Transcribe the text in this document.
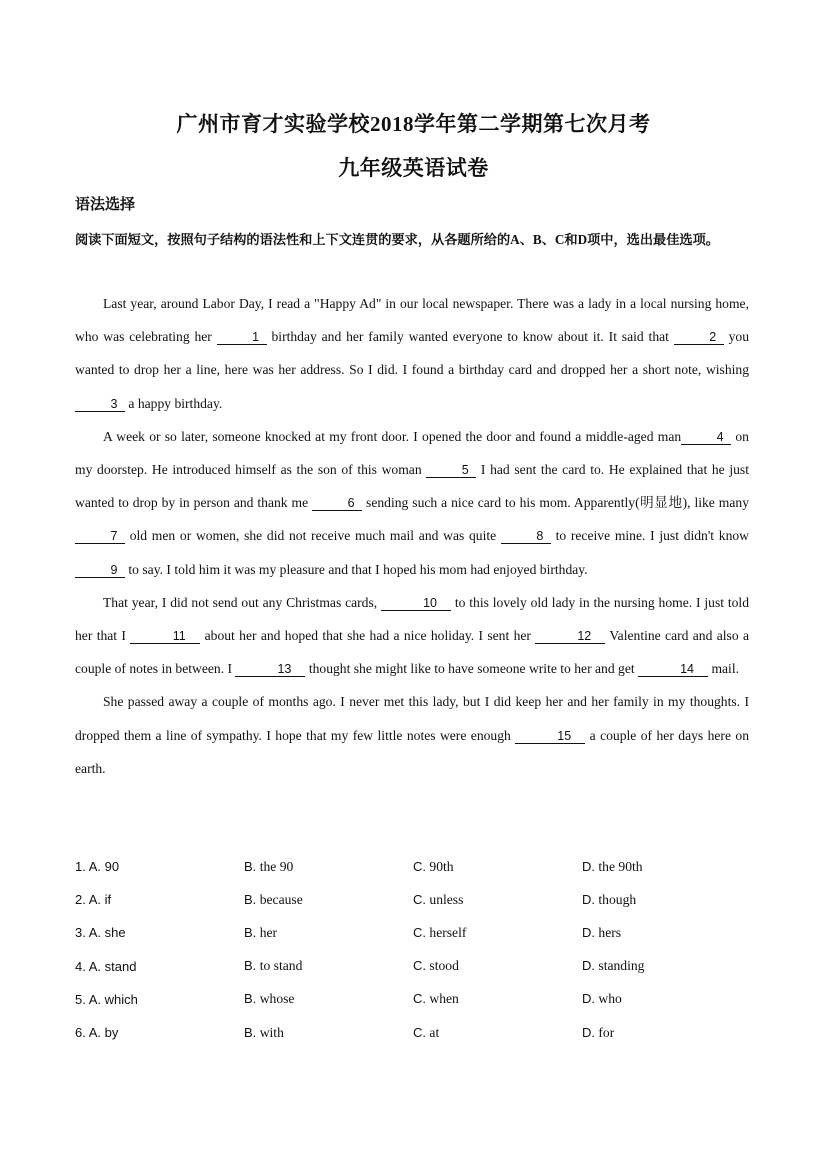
广州市育才实验学校2018学年第二学期第七次月考
九年级英语试卷
语法选择
阅读下面短文，按照句子结构的语法性和上下文连贯的要求，从各题所给的A、B、C和D项中，选出最佳选项。

Last year, around Labor Day, I read a "Happy Ad" in our local newspaper. There was a lady in a local nursing home, who was celebrating her	1 birthday and her family wanted everyone to know about it. It said that	2 you wanted to drop her a line, here was her address. So I did. I found a birthday card and dropped her a short note, wishing 3 a happy birthday.

A week or so later, someone knocked at my front door. I opened the door and found a middle-aged man	4 on my doorstep. He introduced himself as the son of this woman	5 I had sent the card to. He explained that he just wanted to drop by in person and thank me	6 sending such a nice card to his mom. Apparently(明显地), like many7 old men or women, she did not receive much mail and was quite	8 to receive mine. I just didn't know 9 to say. I told him it was my pleasure and that I hoped his mom had enjoyed birthday.

That year, I did not send out any Christmas cards,	10 to this lovely old lady in the nursing home. I just told her that I	11 about her and hoped that she had a nice holiday. I sent her	12 Valentine card and also a couple of notes in between. I	13 thought she might like to have someone write to her and get	14 mail.

She passed away a couple of months ago. I never met this lady, but I did keep her and her family in my thoughts. I dropped them a line of sympathy. I hope that my few little notes were enough	15 a couple of her days here on earth.

1. A. 90	B. the 90	C. 90th	D. the 90th
2. A. if	B. because	C. unless	D. though
3. A. she	B. her	C. herself	D. hers
4. A. stand	B. to stand	C. stood	D. standing
5. A. which	B. whose	C. when	D. who
6. A. by	B. with	C. at	D. for
